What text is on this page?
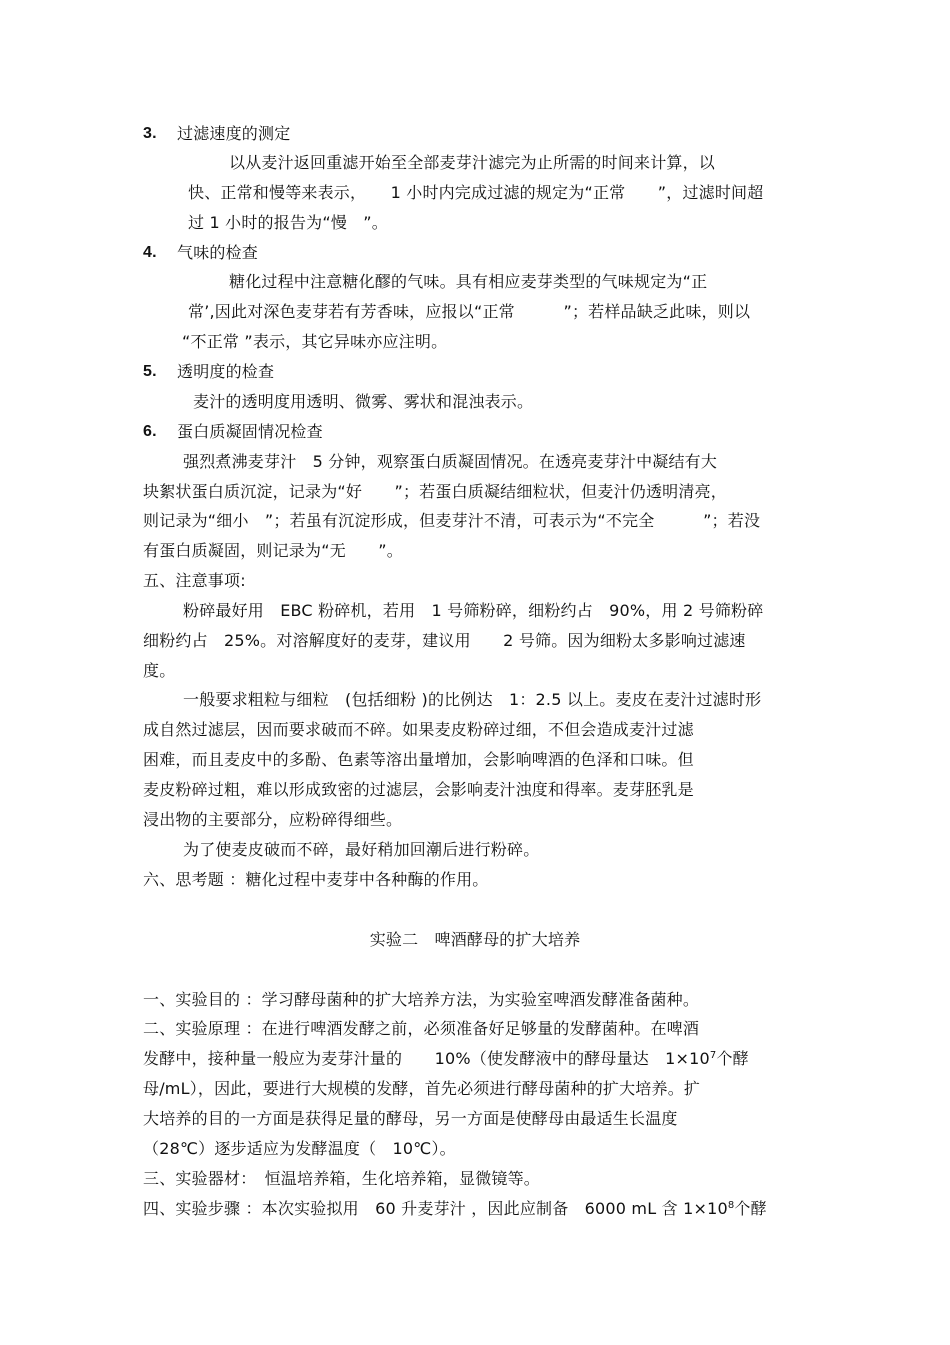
3. 过滤速度的测定
以从麦汁返回重滤开始至全部麦芽汁滤完为止所需的时间来计算，以
快、正常和慢等来表示，　　1 小时内完成过滤的规定为“正常　　”，过滤时间超
过 1 小时的报告为“慢　”。
4. 气味的检查
糖化过程中注意糖化醪的气味。具有相应麦芽类型的气味规定为“正
常’,因此对深色麦芽若有芳香味，应报以“正常　　　”；若样品缺乏此味，则以
“不正常 ”表示，其它异味亦应注明。
5. 透明度的检查
麦汁的透明度用透明、微雾、雾状和混浊表示。
6. 蛋白质凝固情况检查
强烈煮沸麦芽汁　5 分钟，观察蛋白质凝固情况。在透亮麦芽汁中凝结有大
块絮状蛋白质沉淀，记录为“好　　”；若蛋白质凝结细粒状，但麦汁仍透明清亮，
则记录为“细小　”；若虽有沉淀形成，但麦芽汁不清，可表示为“不完全　　　”；若没
有蛋白质凝固，则记录为“无　　”。
五、注意事项:
粉碎最好用　EBC 粉碎机，若用　1 号筛粉碎，细粉约占　90%，用 2 号筛粉碎
细粉约占　25%。对溶解度好的麦芽，建议用　　2 号筛。因为细粉太多影响过滤速
度。
一般要求粗粒与细粒　(包括细粉 )的比例达　1：2.5 以上。麦皮在麦汁过滤时形
成自然过滤层，因而要求破而不碎。如果麦皮粉碎过细，不但会造成麦汁过滤
困难，而且麦皮中的多酚、色素等溶出量增加，会影响啤酒的色泽和口味。但
麦皮粉碎过粗，难以形成致密的过滤层，会影响麦汁浊度和得率。麦芽胚乳是
浸出物的主要部分，应粉碎得细些。
为了使麦皮破而不碎，最好稍加回潮后进行粉碎。
六、思考题 ：糖化过程中麦芽中各种酶的作用。
实验二　啤酒酵母的扩大培养
一、实验目的 ：学习酵母菌种的扩大培养方法，为实验室啤酒发酵准备菌种。
二、实验原理 ：在进行啤酒发酵之前，必须准备好足够量的发酵菌种。在啤酒
发酵中，接种量一般应为麦芽汁量的　　10%（使发酵液中的酵母量达　$1\times 10^7$个酵
母/mL），因此，要进行大规模的发酵，首先必须进行酵母菌种的扩大培养。扩
大培养的目的一方面是获得足量的酵母，另一方面是使酵母由最适生长温度
（28℃）逐步适应为发酵温度（　10℃）。
三、实验器材：　恒温培养箱，生化培养箱，显微镜等。
四、实验步骤 ：本次实验拟用　60 升麦芽汁 ，因此应制备　6000 mL 含 $1\times 10^8$个酵
